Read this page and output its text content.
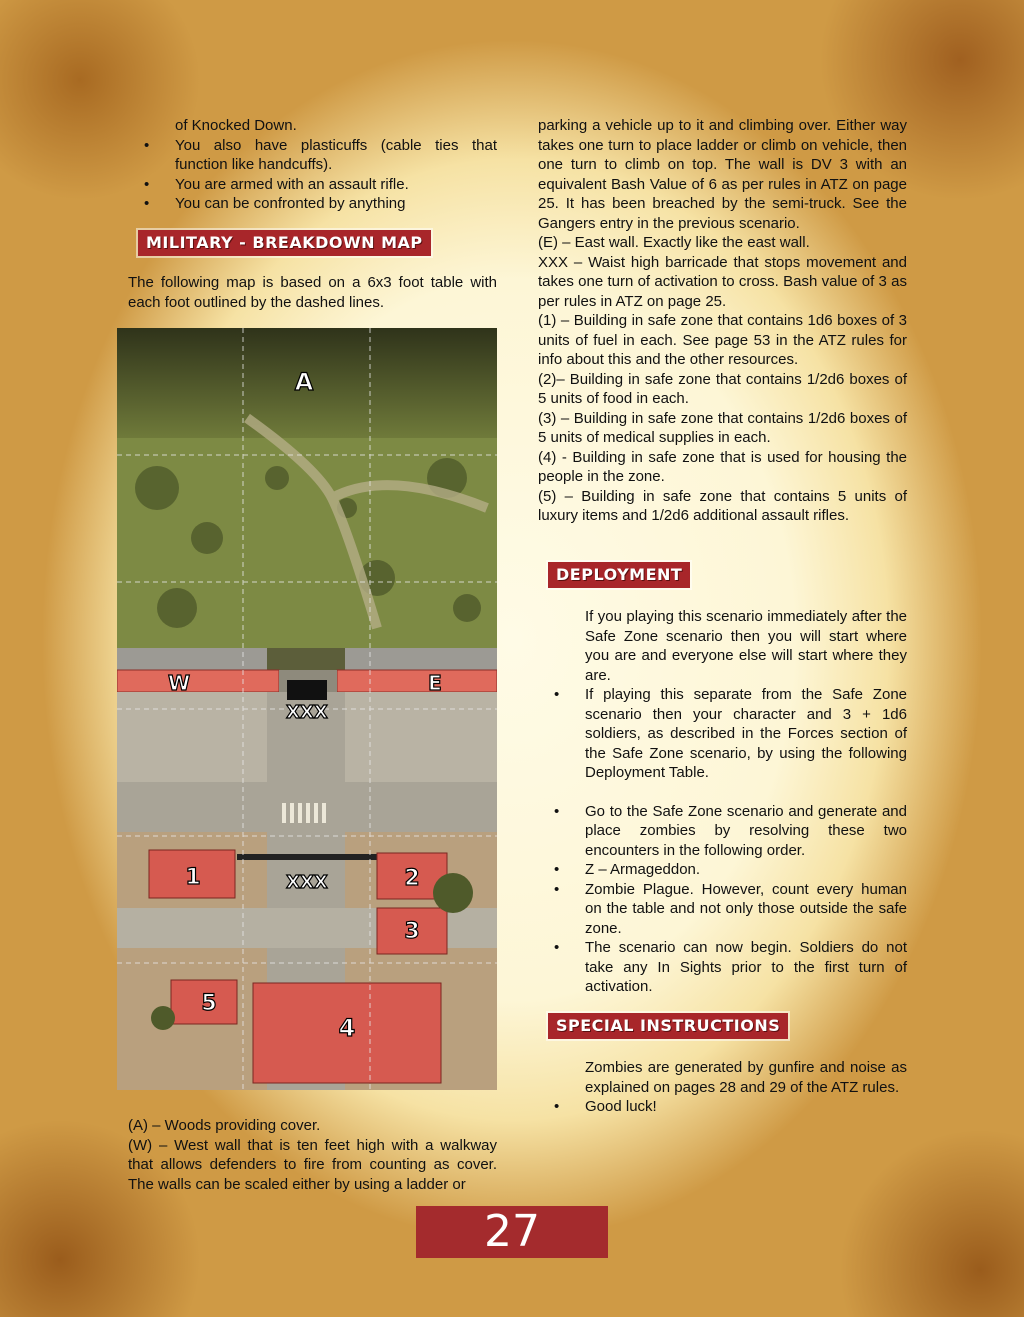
of Knocked Down.
• You also have plasticuffs (cable ties that function like handcuffs).
• You are armed with an assault rifle.
• You can be confronted by anything
MILITARY - BREAKDOWN MAP

The following map is based on a 6x3 foot table with each foot outlined by the dashed lines.

A
W	E
XXX
XXX
1	2
3
4
5

(A) – Woods providing cover.

(W) – West wall that is ten feet high with a walkway that allows defenders to fire from counting as cover. The walls can be scaled either by using a ladder or

parking a vehicle up to it and climbing over. Either way takes one turn to place ladder or climb on vehicle, then one turn to climb on top. The wall is DV 3 with an equivalent Bash Value of 6 as per rules in ATZ on page 25. It has been breached by the semi-truck. See the Gangers entry in the previous scenario.

(E) – East wall. Exactly like the east wall.

XXX – Waist high barricade that stops movement and takes one turn of activation to cross. Bash value of 3 as per rules in ATZ on page 25.

(1) – Building in safe zone that contains 1d6 boxes of 3 units of fuel in each. See page 53 in the ATZ rules for info about this and the other resources.

(2)– Building in safe zone that contains 1/2d6 boxes of 5 units of food in each.

(3) – Building in safe zone that contains 1/2d6 boxes of 5 units of medical supplies in each.

(4) - Building in safe zone that is used for housing the people in the zone.

(5) – Building in safe zone that contains 5 units of luxury items and 1/2d6 additional assault rifles.

DEPLOYMENT
If you playing this scenario immediately after the Safe Zone scenario then you will start where you are and everyone else will start where they are.
• If playing this separate from the Safe Zone scenario then your character and 3 + 1d6 soldiers, as described in the Forces section of the Safe Zone scenario, by using the following Deployment Table.
• Go to the Safe Zone scenario and generate and place zombies by resolving these two encounters in the following order.
• Z – Armageddon.
• Zombie Plague. However, count every human on the table and not only those outside the safe zone.
• The scenario can now begin. Soldiers do not take any In Sights prior to the first turn of activation.
SPECIAL INSTRUCTIONS
Zombies are generated by gunfire and noise as explained on pages 28 and 29 of the ATZ rules.
• Good luck!
27
